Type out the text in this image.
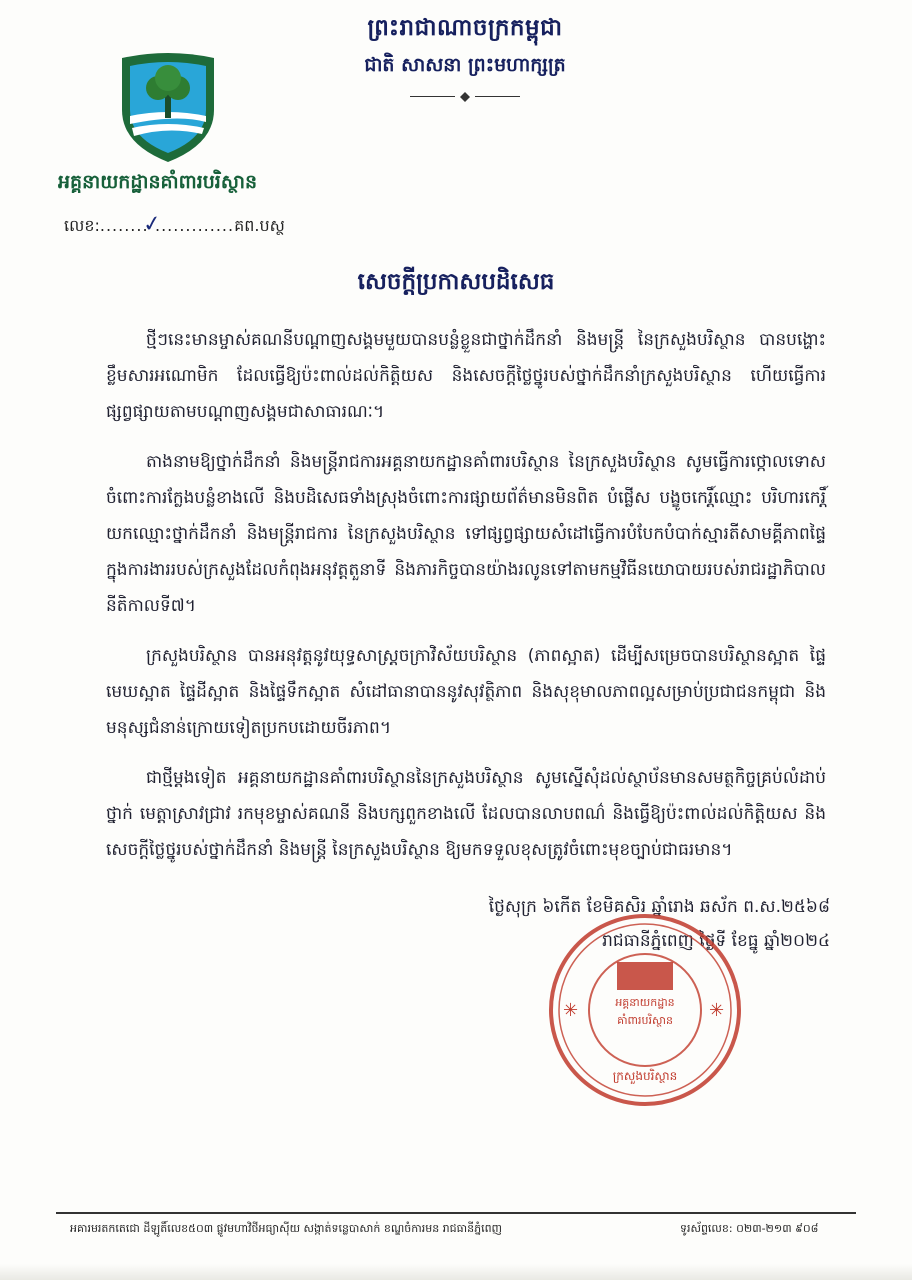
ព្រះរាជាណាចក្រកម្ពុជា
ជាតិ សាសនា ព្រះមហាក្សត្រ
អគ្គនាយកដ្ឋានគាំពារបរិស្ថាន
លេខ:........✓.............គព.បស្ថ
សេចក្ដីប្រកាសបដិសេធ

ថ្មីៗនេះមានម្ចាស់គណនីបណ្ដាញសង្គមមួយបានបន្លំខ្លួនជាថ្នាក់ដឹកនាំ និងមន្ត្រី នៃក្រសួងបរិស្ថាន បានបង្ហោះខ្លឹមសារអណោមិក ដែលធ្វើឱ្យប៉ះពាល់ដល់កិត្តិយស និងសេចក្ដីថ្លៃថ្នូរបស់ថ្នាក់ដឹកនាំក្រសួងបរិស្ថាន ហើយធ្វើការផ្សព្វផ្សាយតាមបណ្ដាញសង្គមជាសាធារណៈ។

តាងនាមឱ្យថ្នាក់ដឹកនាំ និងមន្ត្រីរាជការអគ្គនាយកដ្ឋានគាំពារបរិស្ថាន នៃក្រសួងបរិស្ថាន សូមធ្វើការថ្កោលទោស ចំពោះការក្លែងបន្លំខាងលើ និងបដិសេធទាំងស្រុងចំពោះការផ្សាយព័ត៌មានមិនពិត បំផ្លើស បង្ខូចកេរ្ដិ៍ឈ្មោះ បរិហារកេរ្ដិ៍ យកឈ្មោះថ្នាក់ដឹកនាំ និងមន្ត្រីរាជការ នៃក្រសួងបរិស្ថាន ទៅផ្សព្វផ្សាយសំដៅធ្វើការបំបែកបំបាក់ស្មារតីសាមគ្គីភាពផ្ទៃក្នុងការងាររបស់ក្រសួងដែលកំពុងអនុវត្តតួនាទី និងភារកិច្ចបានយ៉ាងរលូនទៅតាមកម្មវិធីនយោបាយរបស់រាជរដ្ឋាភិបាលនីតិកាលទី៧។

ក្រសួងបរិស្ថាន បានអនុវត្តនូវយុទ្ធសាស្ត្រចក្រាវិស័យបរិស្ថាន (ភាពស្អាត) ដើម្បីសម្រេចបានបរិស្ថានស្អាត ផ្ទៃមេឃស្អាត ផ្ទៃដីស្អាត និងផ្ទៃទឹកស្អាត សំដៅធានាបាននូវសុវត្ថិភាព និងសុខុមាលភាពល្អសម្រាប់ប្រជាជនកម្ពុជា និងមនុស្សជំនាន់ក្រោយទៀតប្រកបដោយចីរភាព។

ជាថ្មីម្ដងទៀត អគ្គនាយកដ្ឋានគាំពារបរិស្ថាននៃក្រសួងបរិស្ថាន សូមស្នើសុំដល់ស្ថាប័នមានសមត្ថកិច្ចគ្រប់លំដាប់ថ្នាក់ មេត្តាស្រាវជ្រាវ រកមុខម្ចាស់គណនី និងបក្សពួកខាងលើ ដែលបានលាបពណ៌ និងធ្វើឱ្យប៉ះពាល់ដល់កិត្តិយស និងសេចក្ដីថ្លៃថ្នូរបស់ថ្នាក់ដឹកនាំ និងមន្ត្រី នៃក្រសួងបរិស្ថាន ឱ្យមកទទួលខុសត្រូវចំពោះមុខច្បាប់ជាធរមាន។

ថ្ងៃសុក្រ ៦កើត ខែមិគសិរ ឆ្នាំរោង ឆស័ក ព.ស.២៥៦៨
រាជធានីភ្នំពេញ ថ្ងៃទី ខែធ្នូ ឆ្នាំ២០២៤
✳	✳
អគ្គនាយកដ្ឋាន
គាំពារបរិស្ថាន
ក្រសួងបរិស្ថាន
អគារមរតកតេជោ ដីឡូតិ៍លេខ៥០៣ ផ្លូវមហាវិថីអធ្យាស៊ីយ សង្កាត់ទន្លេបាសាក់ ខណ្ឌចំការមន រាជធានីភ្នំពេញ	ទូរស័ព្ទលេខ: ០២៣-២១៣ ៩០៨
